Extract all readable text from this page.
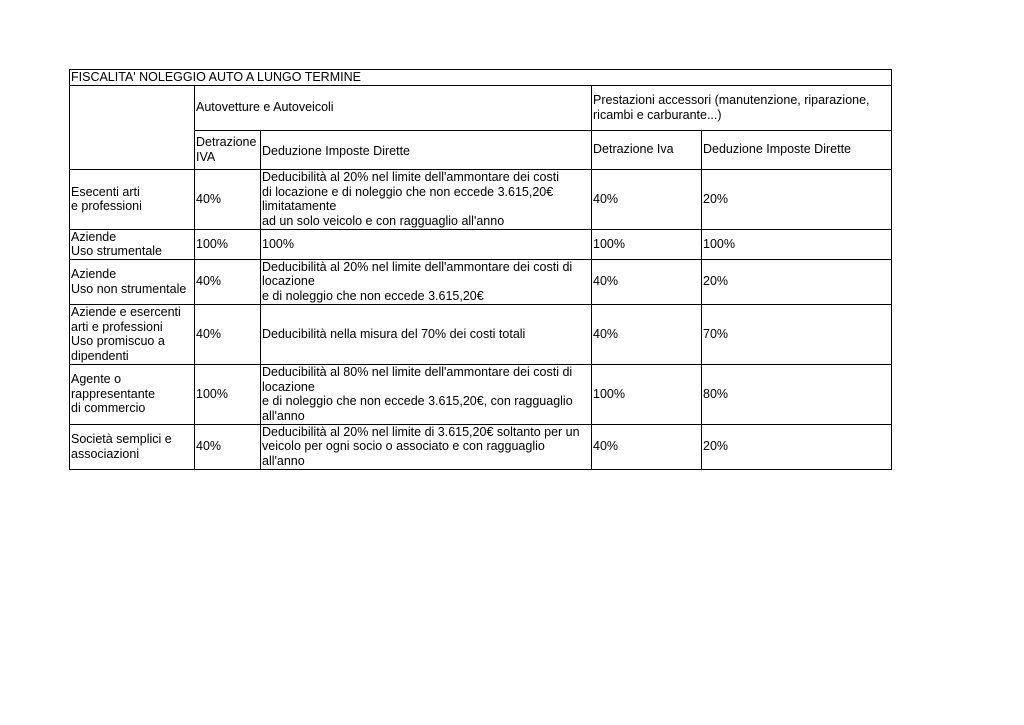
FISCALITA' NOLEGGIO AUTO A LUNGO TERMINE				
	Autovetture e Autoveicoli		Prestazioni accessori (manutenzione, riparazione, ricambi e carburante...)	
	Detrazione
IVA	Deduzione Imposte Dirette	Detrazione Iva	Deduzione Imposte Dirette
Esecenti arti
e professioni	40%	Deducibilità al 20% nel limite dell'ammontare dei costi
di locazione e di noleggio che non eccede 3.615,20€
limitatamente
ad un solo veicolo e con ragguaglio all'anno	40%	20%
Aziende
Uso strumentale	100%	100%	100%	100%
Aziende
Uso non strumentale	40%	Deducibilità al 20% nel limite dell'ammontare dei costi di
locazione
e di noleggio che non eccede 3.615,20€	40%	20%
Aziende e esercenti
arti e professioni
Uso promiscuo a
dipendenti	40%	Deducibilità nella misura del 70% dei costi totali	40%	70%
Agente o
rappresentante
di commercio	100%	Deducibilità al 80% nel limite dell'ammontare dei costi di
locazione
e di noleggio che non eccede 3.615,20€, con ragguaglio
all'anno	100%	80%
Società semplici e
associazioni	40%	Deducibilità al 20% nel limite di 3.615,20€ soltanto per un
veicolo per ogni socio o associato e con ragguaglio
all'anno	40%	20%
